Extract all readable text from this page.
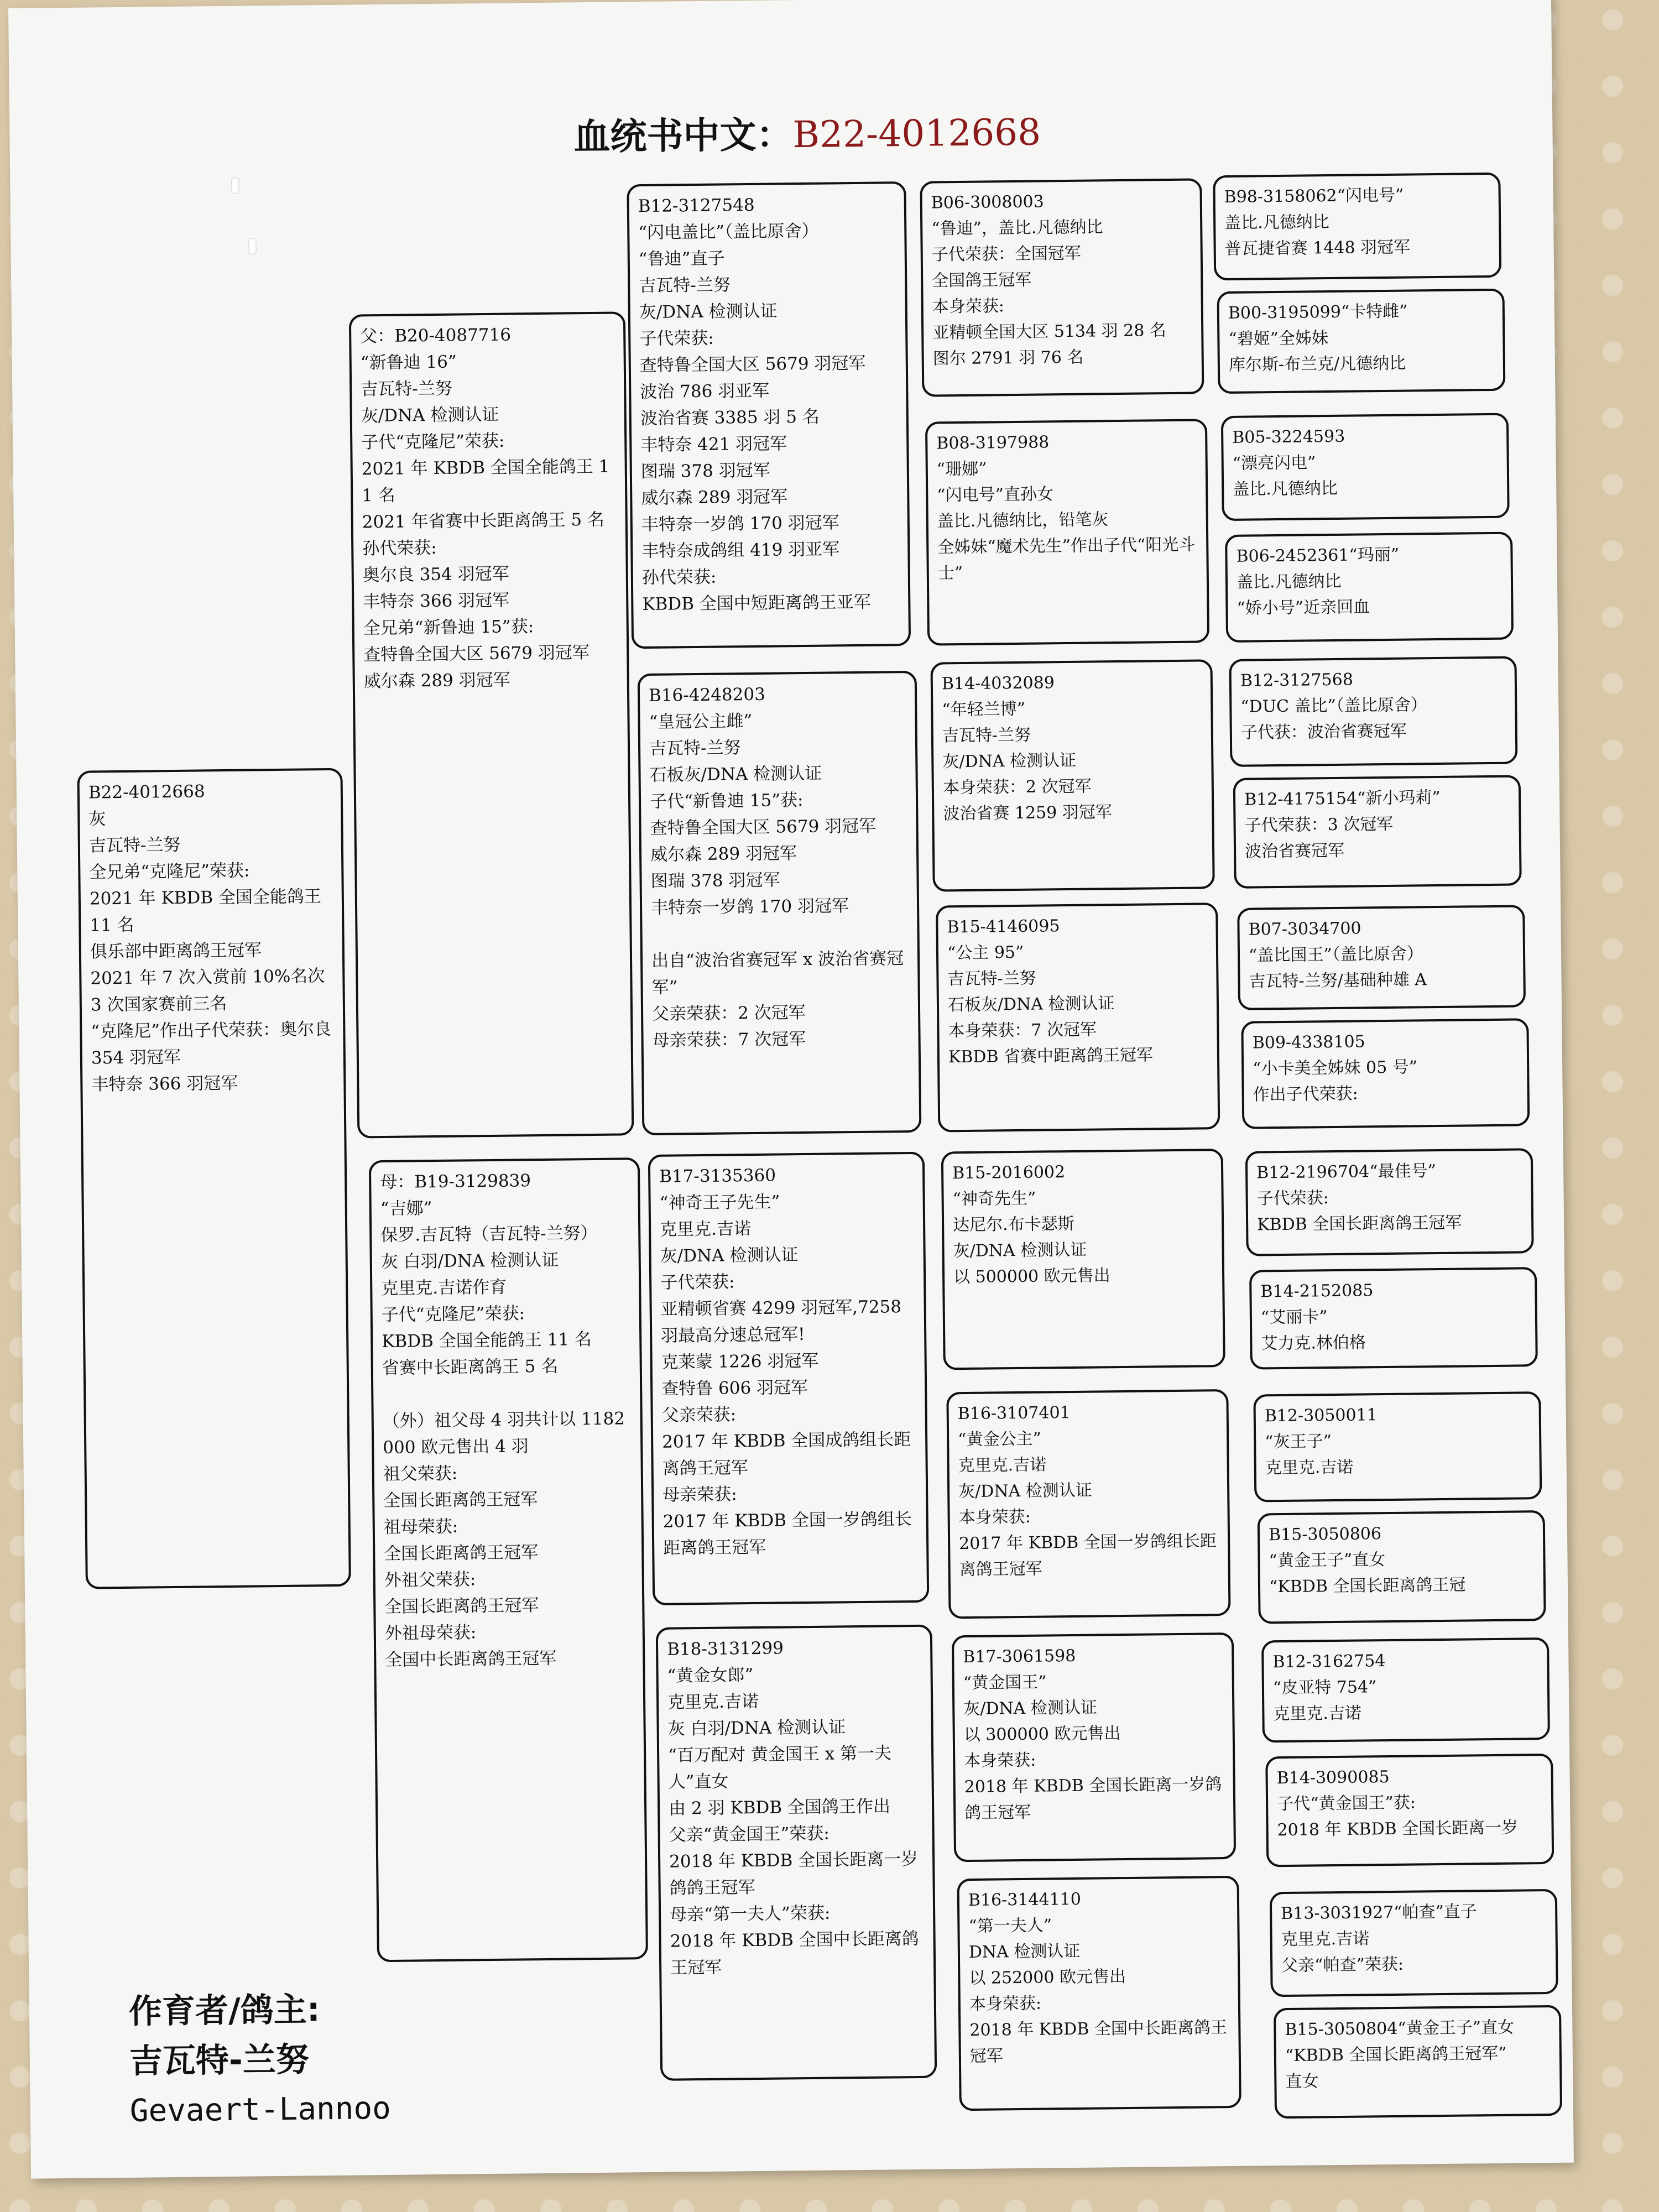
血统书中文：B22-4012668
B22-4012668
灰
吉瓦特-兰努
全兄弟“克隆尼”荣获:
2021 年 KBDB 全国全能鸽王 11 名
俱乐部中距离鸽王冠军
2021 年 7 次入赏前 10%名次
3 次国家赛前三名
“克隆尼”作出子代荣获：奥尔良 354 羽冠军
丰特奈 366 羽冠军
父：B20-4087716
“新鲁迪 16”
吉瓦特-兰努
灰/DNA 检测认证
子代“克隆尼”荣获:
2021 年 KBDB 全国全能鸽王 11 名
2021 年省赛中长距离鸽王 5 名
孙代荣获:
奥尔良 354 羽冠军
丰特奈 366 羽冠军
全兄弟“新鲁迪 15”获:
查特鲁全国大区 5679 羽冠军
威尔森 289 羽冠军
母：B19-3129839
“吉娜”
保罗.吉瓦特（吉瓦特-兰努）
灰 白羽/DNA 检测认证
克里克.吉诺作育
子代“克隆尼”荣获:
KBDB 全国全能鸽王 11 名
省赛中长距离鸽王 5 名

（外）祖父母 4 羽共计以 1182000 欧元售出 4 羽
祖父荣获:
全国长距离鸽王冠军
祖母荣获:
全国长距离鸽王冠军
外祖父荣获:
全国长距离鸽王冠军
外祖母荣获:
全国中长距离鸽王冠军
B12-3127548
“闪电盖比”（盖比原舍）
“鲁迪”直子
吉瓦特-兰努
灰/DNA 检测认证
子代荣获:
查特鲁全国大区 5679 羽冠军
波治 786 羽亚军
波治省赛 3385 羽 5 名
丰特奈 421 羽冠军
图瑞 378 羽冠军
威尔森 289 羽冠军
丰特奈一岁鸽 170 羽冠军
丰特奈成鸽组 419 羽亚军
孙代荣获:
KBDB 全国中短距离鸽王亚军
B16-4248203
“皇冠公主雌”
吉瓦特-兰努
石板灰/DNA 检测认证
子代“新鲁迪 15”获:
查特鲁全国大区 5679 羽冠军
威尔森 289 羽冠军
图瑞 378 羽冠军
丰特奈一岁鸽 170 羽冠军

出自“波治省赛冠军 x 波治省赛冠军”
父亲荣获：2 次冠军
母亲荣获：7 次冠军
B17-3135360
“神奇王子先生”
克里克.吉诺
灰/DNA 检测认证
子代荣获:
亚精顿省赛 4299 羽冠军,7258 羽最高分速总冠军!
克莱蒙 1226 羽冠军
查特鲁 606 羽冠军
父亲荣获:
2017 年 KBDB 全国成鸽组长距离鸽王冠军
母亲荣获:
2017 年 KBDB 全国一岁鸽组长距离鸽王冠军
B18-3131299
“黄金女郎”
克里克.吉诺
灰 白羽/DNA 检测认证
“百万配对 黄金国王 x 第一夫人”直女
由 2 羽 KBDB 全国鸽王作出
父亲“黄金国王”荣获:
2018 年 KBDB 全国长距离一岁鸽鸽王冠军
母亲“第一夫人”荣获:
2018 年 KBDB 全国中长距离鸽王冠军
B06-3008003
“鲁迪”，盖比.凡德纳比
子代荣获：全国冠军
全国鸽王冠军
本身荣获:
亚精顿全国大区 5134 羽 28 名
图尔 2791 羽 76 名
B08-3197988
“珊娜”
“闪电号”直孙女
盖比.凡德纳比，铅笔灰
全姊妹“魔术先生”作出子代“阳光斗士”
B14-4032089
“年轻兰博”
吉瓦特-兰努
灰/DNA 检测认证
本身荣获：2 次冠军
波治省赛 1259 羽冠军
B15-4146095
“公主 95”
吉瓦特-兰努
石板灰/DNA 检测认证
本身荣获：7 次冠军
KBDB 省赛中距离鸽王冠军
B15-2016002
“神奇先生”
达尼尔.布卡瑟斯
灰/DNA 检测认证
以 500000 欧元售出
B16-3107401
“黄金公主”
克里克.吉诺
灰/DNA 检测认证
本身荣获:
2017 年 KBDB 全国一岁鸽组长距离鸽王冠军
B17-3061598
“黄金国王”
灰/DNA 检测认证
以 300000 欧元售出
本身荣获:
2018 年 KBDB 全国长距离一岁鸽鸽王冠军
B16-3144110
“第一夫人”
DNA 检测认证
以 252000 欧元售出
本身荣获:
2018 年 KBDB 全国中长距离鸽王冠军
B98-3158062“闪电号”
盖比.凡德纳比
普瓦捷省赛 1448 羽冠军
B00-3195099“卡特雌”
“碧姬”全姊妹
库尔斯-布兰克/凡德纳比
B05-3224593
“漂亮闪电”
盖比.凡德纳比
B06-2452361“玛丽”
盖比.凡德纳比
“娇小号”近亲回血
B12-3127568
“DUC 盖比”（盖比原舍）
子代获：波治省赛冠军
B12-4175154“新小玛莉”
子代荣获：3 次冠军
波治省赛冠军
B07-3034700
“盖比国王”（盖比原舍）
吉瓦特-兰努/基础种雄 A
B09-4338105
“小卡美全姊妹 05 号”
作出子代荣获:
B12-2196704“最佳号”
子代荣获:
KBDB 全国长距离鸽王冠军
B14-2152085
“艾丽卡”
艾力克.林伯格
B12-3050011
“灰王子”
克里克.吉诺
B15-3050806
“黄金王子”直女
“KBDB 全国长距离鸽王冠
B12-3162754
“皮亚特 754”
克里克.吉诺
B14-3090085
子代“黄金国王”获:
2018 年 KBDB 全国长距离一岁
B13-3031927“帕查”直子
克里克.吉诺
父亲“帕查”荣获:
B15-3050804“黄金王子”直女
“KBDB 全国长距离鸽王冠军”
直女
作育者/鸽主:
吉瓦特-兰努
Gevaert-Lannoo
